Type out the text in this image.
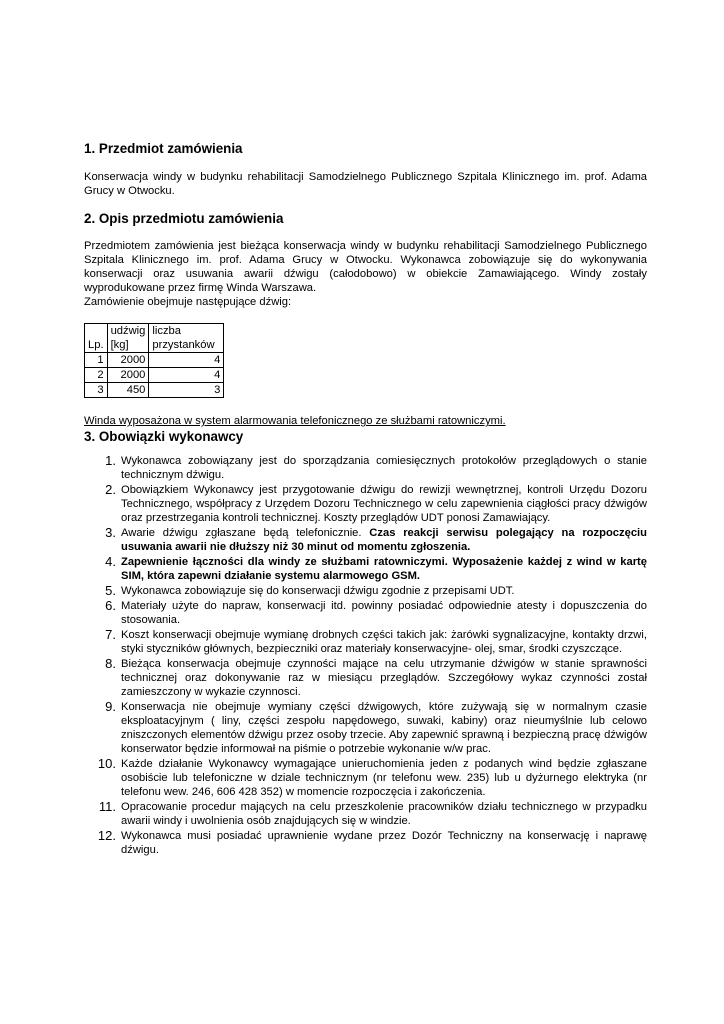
1. Przedmiot zamówienia

Konserwacja windy w budynku rehabilitacji Samodzielnego Publicznego Szpitala Klinicznego im. prof. Adama Grucy w Otwocku.

2. Opis przedmiotu zamówienia

Przedmiotem zamówienia jest bieżąca konserwacja windy w budynku rehabilitacji Samodzielnego Publicznego Szpitala Klinicznego im. prof. Adama Grucy w Otwocku. Wykonawca zobowiązuje się do wykonywania konserwacji oraz usuwania awarii dźwigu (całodobowo) w obiekcie Zamawiającego. Windy zostały wyprodukowane przez firmę Winda Warszawa.

Zamówienie obejmuje następujące dźwig:

Lp.	udźwig [kg]	liczba przystanków
1	2000	4
2	2000	4
3	450	3

Winda wyposażona w system alarmowania telefonicznego ze służbami ratowniczymi.

3. Obowiązki wykonawcy
1. Wykonawca zobowiązany jest do sporządzania comiesięcznych protokołów przeglądowych o stanie technicznym dźwigu.
2. Obowiązkiem Wykonawcy jest przygotowanie dźwigu do rewizji wewnętrznej, kontroli Urzędu Dozoru Technicznego, współpracy z Urzędem Dozoru Technicznego w celu zapewnienia ciągłości pracy dźwigów oraz przestrzegania kontroli technicznej. Koszty przeglądów UDT ponosi Zamawiający.
3. Awarie dźwigu zgłaszane będą telefonicznie. Czas reakcji serwisu polegający na rozpoczęciu usuwania awarii nie dłuższy niż 30 minut od momentu zgłoszenia.
4. Zapewnienie łączności dla windy ze służbami ratowniczymi. Wyposażenie każdej z wind w kartę SIM, która zapewni działanie systemu alarmowego GSM.
5. Wykonawca zobowiązuje się do konserwacji dźwigu zgodnie z przepisami UDT.
6. Materiały użyte do napraw, konserwacji itd. powinny posiadać odpowiednie atesty i dopuszczenia do stosowania.
7. Koszt konserwacji obejmuje wymianę drobnych części takich jak: żarówki sygnalizacyjne, kontakty drzwi, styki styczników głównych, bezpieczniki oraz materiały konserwacyjne- olej, smar, środki czyszczące.
8. Bieżąca konserwacja obejmuje czynności mające na celu utrzymanie dźwigów w stanie sprawności technicznej oraz dokonywanie raz w miesiącu przeglądów. Szczegółowy wykaz czynności został zamieszczony w wykazie czynnosci.
9. Konserwacja nie obejmuje wymiany części dźwigowych, które zużywają się w normalnym czasie eksploatacyjnym ( liny, części zespołu napędowego, suwaki, kabiny) oraz nieumyślnie lub celowo zniszczonych elementów dźwigu przez osoby trzecie. Aby zapewnić sprawną i bezpieczną pracę dźwigów konserwator będzie informował na piśmie o potrzebie wykonanie w/w prac.
10. Każde działanie Wykonawcy wymagające unieruchomienia jeden z podanych wind będzie zgłaszane osobiście lub telefoniczne w dziale technicznym (nr telefonu wew. 235) lub u dyżurnego elektryka (nr telefonu wew. 246, 606 428 352) w momencie rozpoczęcia i zakończenia.
11. Opracowanie procedur mających na celu przeszkolenie pracowników działu technicznego w przypadku awarii windy i uwolnienia osób znajdujących się w windzie.
12. Wykonawca musi posiadać uprawnienie wydane przez Dozór Techniczny na konserwację i naprawę dźwigu.
